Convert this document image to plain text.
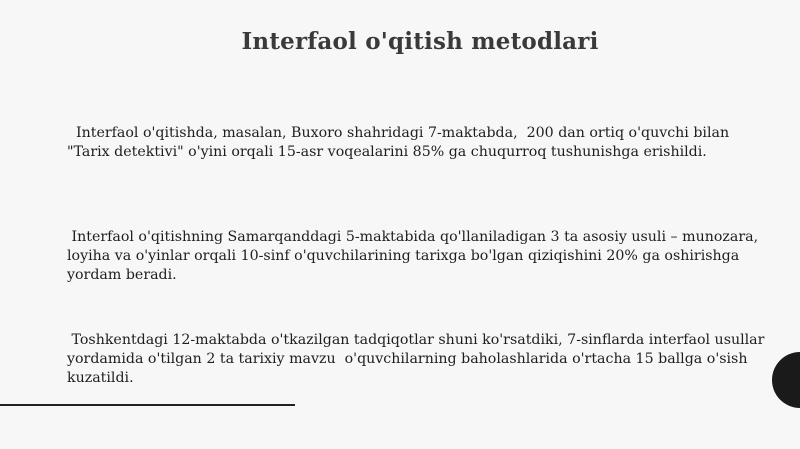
Interfaol o'qitish metodlari
Interfaol o'qitishda, masalan, Buxoro shahridagi 7-maktabda,  200 dan ortiq o'quvchi bilan "Tarix detektivi" o'yini orqali 15-asr voqealarini 85% ga chuqurroq tushunishga erishildi.
Interfaol o'qitishning Samarqanddagi 5-maktabida qo'llaniladigan 3 ta asosiy usuli – munozara, loyiha va o'yinlar orqali 10-sinf o'quvchilarining tarixga bo'lgan qiziqishini 20% ga oshirishga yordam beradi.
Toshkentdagi 12-maktabda o'tkazilgan tadqiqotlar shuni ko'rsatdiki, 7-sinflarda interfaol usullar yordamida o'tilgan 2 ta tarixiy mavzu  o'quvchilarning baholashlarida o'rtacha 15 ballga o'sish kuzatildi.
